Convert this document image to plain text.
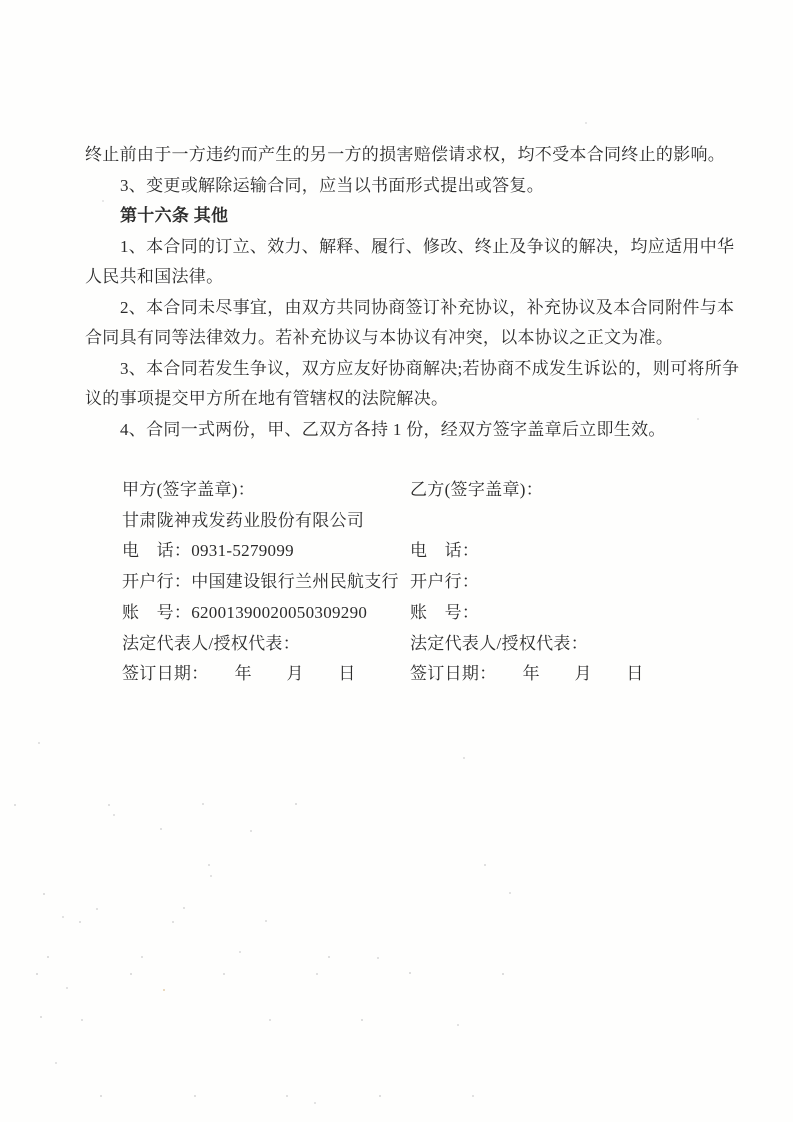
终止前由于一方违约而产生的另一方的损害赔偿请求权，均不受本合同终止的影响。
3、变更或解除运输合同，应当以书面形式提出或答复。
第十六条 其他
1、本合同的订立、效力、解释、履行、修改、终止及争议的解决，均应适用中华
人民共和国法律。
2、本合同未尽事宜，由双方共同协商签订补充协议，补充协议及本合同附件与本
合同具有同等法律效力。若补充协议与本协议有冲突，以本协议之正文为准。
3、本合同若发生争议，双方应友好协商解决;若协商不成发生诉讼的，则可将所争
议的事项提交甲方所在地有管辖权的法院解决。
4、合同一式两份，甲、乙双方各持 1 份，经双方签字盖章后立即生效。
甲方(签字盖章)：
甘肃陇神戎发药业股份有限公司
电　话：0931-5279099
开户行：中国建设银行兰州民航支行
账　号：62001390020050309290
法定代表人/授权代表：
签订日期：　　年　　月　　日
乙方(签字盖章)：
电　话：
开户行：
账　号：
法定代表人/授权代表：
签订日期：　　年　　月　　日
